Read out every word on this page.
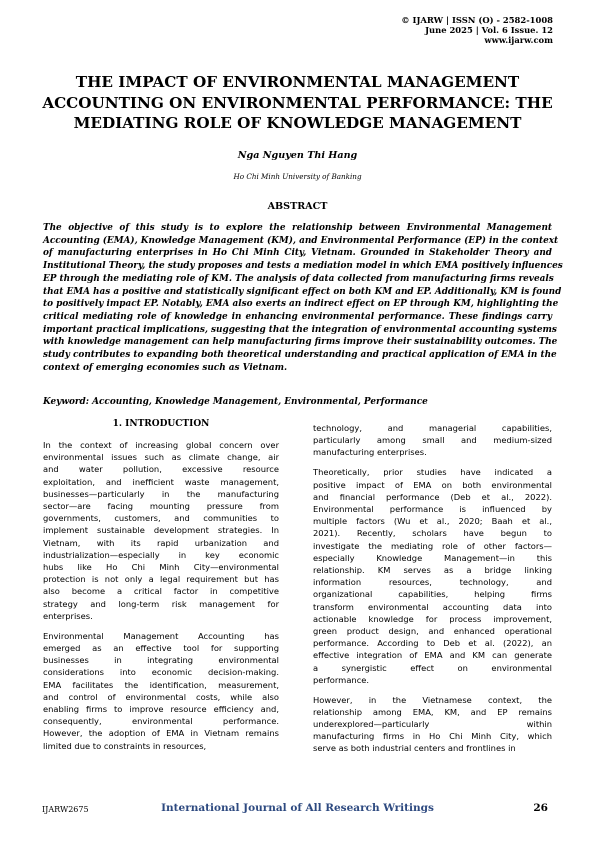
© IJARW | ISSN (O) - 2582-1008
June 2025 | Vol. 6 Issue. 12
www.ijarw.com
THE IMPACT OF ENVIRONMENTAL MANAGEMENT
ACCOUNTING ON ENVIRONMENTAL PERFORMANCE: THE
MEDIATING ROLE OF KNOWLEDGE MANAGEMENT
Nga Nguyen Thi Hang
Ho Chi Minh University of Banking
ABSTRACT
The objective of this study is to explore the relationship between Environmental Management
Accounting (EMA), Knowledge Management (KM), and Environmental Performance (EP) in the context
of manufacturing enterprises in Ho Chi Minh City, Vietnam. Grounded in Stakeholder Theory and
Institutional Theory, the study proposes and tests a mediation model in which EMA positively influences
EP through the mediating role of KM. The analysis of data collected from manufacturing firms reveals
that EMA has a positive and statistically significant effect on both KM and EP. Additionally, KM is found
to positively impact EP. Notably, EMA also exerts an indirect effect on EP through KM, highlighting the
critical mediating role of knowledge in enhancing environmental performance. These findings carry
important practical implications, suggesting that the integration of environmental accounting systems
with knowledge management can help manufacturing firms improve their sustainability outcomes. The
study contributes to expanding both theoretical understanding and practical application of EMA in the
context of emerging economies such as Vietnam.
Keyword: Accounting, Knowledge Management, Environmental, Performance
1. INTRODUCTION

In the context of increasing global concern over
environmental issues such as climate change, air
and water pollution, excessive resource
exploitation, and inefficient waste management,
businesses—particularly in the manufacturing
sector—are facing mounting pressure from
governments, customers, and communities to
implement sustainable development strategies. In
Vietnam, with its rapid urbanization and
industrialization—especially in key economic
hubs like Ho Chi Minh City—environmental
protection is not only a legal requirement but has
also become a critical factor in competitive
strategy and long-term risk management for
enterprises.

Environmental Management Accounting has
emerged as an effective tool for supporting
businesses in integrating environmental
considerations into economic decision-making.
EMA facilitates the identification, measurement,
and control of environmental costs, while also
enabling firms to improve resource efficiency and,
consequently, environmental performance.
However, the adoption of EMA in Vietnam remains
limited due to constraints in resources,

technology, and managerial capabilities,
particularly among small and medium-sized
manufacturing enterprises.

Theoretically, prior studies have indicated a
positive impact of EMA on both environmental
and financial performance (Deb et al., 2022).
Environmental performance is influenced by
multiple factors (Wu et al., 2020; Baah et al.,
2021). Recently, scholars have begun to
investigate the mediating role of other factors—
especially Knowledge Management—in this
relationship. KM serves as a bridge linking
information resources, technology, and
organizational capabilities, helping firms
transform environmental accounting data into
actionable knowledge for process improvement,
green product design, and enhanced operational
performance. According to Deb et al. (2022), an
effective integration of EMA and KM can generate
a synergistic effect on environmental
performance.

However, in the Vietnamese context, the
relationship among EMA, KM, and EP remains
underexplored—particularly within
manufacturing firms in Ho Chi Minh City, which
serve as both industrial centers and frontlines in

IJARW2675	International Journal of All Research Writings	26
